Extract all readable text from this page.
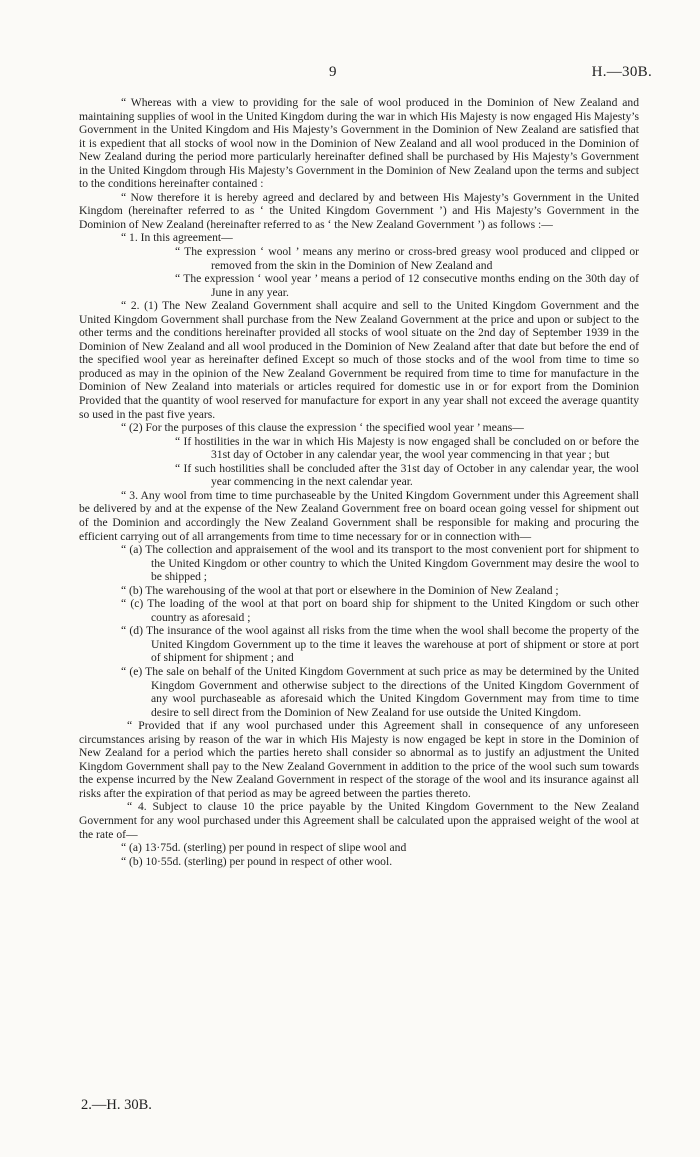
9	H.—30B.

“ Whereas with a view to providing for the sale of wool produced in the Dominion of New Zealand and maintaining supplies of wool in the United Kingdom during the war in which His Majesty is now engaged His Majesty’s Government in the United Kingdom and His Majesty’s Government in the Dominion of New Zealand are satisfied that it is expedient that all stocks of wool now in the Dominion of New Zealand and all wool produced in the Dominion of New Zealand during the period more particularly hereinafter defined shall be purchased by His Majesty’s Government in the United Kingdom through His Majesty’s Government in the Dominion of New Zealand upon the terms and subject to the conditions hereinafter contained :

“ Now therefore it is hereby agreed and declared by and between His Majesty’s Government in the United Kingdom (hereinafter referred to as ‘ the United Kingdom Government ’) and His Majesty’s Government in the Dominion of New Zealand (hereinafter referred to as ‘ the New Zealand Government ’) as follows :—

“ 1. In this agreement—

“ The expression ‘ wool ’ means any merino or cross-bred greasy wool produced and clipped or removed from the skin in the Dominion of New Zealand and

“ The expression ‘ wool year ’ means a period of 12 consecutive months ending on the 30th day of June in any year.

“ 2. (1) The New Zealand Government shall acquire and sell to the United Kingdom Government and the United Kingdom Government shall purchase from the New Zealand Government at the price and upon or subject to the other terms and the conditions hereinafter provided all stocks of wool situate on the 2nd day of September 1939 in the Dominion of New Zealand and all wool produced in the Dominion of New Zealand after that date but before the end of the specified wool year as hereinafter defined Except so much of those stocks and of the wool from time to time so produced as may in the opinion of the New Zealand Government be required from time to time for manufacture in the Dominion of New Zealand into materials or articles required for domestic use in or for export from the Dominion Provided that the quantity of wool reserved for manufacture for export in any year shall not exceed the average quantity so used in the past five years.

“ (2) For the purposes of this clause the expression ‘ the specified wool year ’ means—

“ If hostilities in the war in which His Majesty is now engaged shall be concluded on or before the 31st day of October in any calendar year, the wool year commencing in that year ; but

“ If such hostilities shall be concluded after the 31st day of October in any calendar year, the wool year commencing in the next calendar year.

“ 3. Any wool from time to time purchaseable by the United Kingdom Government under this Agreement shall be delivered by and at the expense of the New Zealand Government free on board ocean going vessel for shipment out of the Dominion and accordingly the New Zealand Government shall be responsible for making and procuring the efficient carrying out of all arrangements from time to time necessary for or in connection with—

“ (a) The collection and appraisement of the wool and its transport to the most convenient port for shipment to the United Kingdom or other country to which the United Kingdom Government may desire the wool to be shipped ;

“ (b) The warehousing of the wool at that port or elsewhere in the Dominion of New Zealand ;

“ (c) The loading of the wool at that port on board ship for shipment to the United Kingdom or such other country as aforesaid ;

“ (d) The insurance of the wool against all risks from the time when the wool shall become the property of the United Kingdom Government up to the time it leaves the warehouse at port of shipment or store at port of shipment for shipment ; and

“ (e) The sale on behalf of the United Kingdom Government at such price as may be determined by the United Kingdom Government and otherwise subject to the directions of the United Kingdom Government of any wool purchaseable as aforesaid which the United Kingdom Government may from time to time desire to sell direct from the Dominion of New Zealand for use outside the United Kingdom.

“ Provided that if any wool purchased under this Agreement shall in consequence of any unforeseen circumstances arising by reason of the war in which His Majesty is now engaged be kept in store in the Dominion of New Zealand for a period which the parties hereto shall consider so abnormal as to justify an adjustment the United Kingdom Government shall pay to the New Zealand Government in addition to the price of the wool such sum towards the expense incurred by the New Zealand Government in respect of the storage of the wool and its insurance against all risks after the expiration of that period as may be agreed between the parties thereto.

“ 4. Subject to clause 10 the price payable by the United Kingdom Government to the New Zealand Government for any wool purchased under this Agreement shall be calculated upon the appraised weight of the wool at the rate of—

“ (a) 13·75d. (sterling) per pound in respect of slipe wool and

“ (b) 10·55d. (sterling) per pound in respect of other wool.

2.—H. 30B.
